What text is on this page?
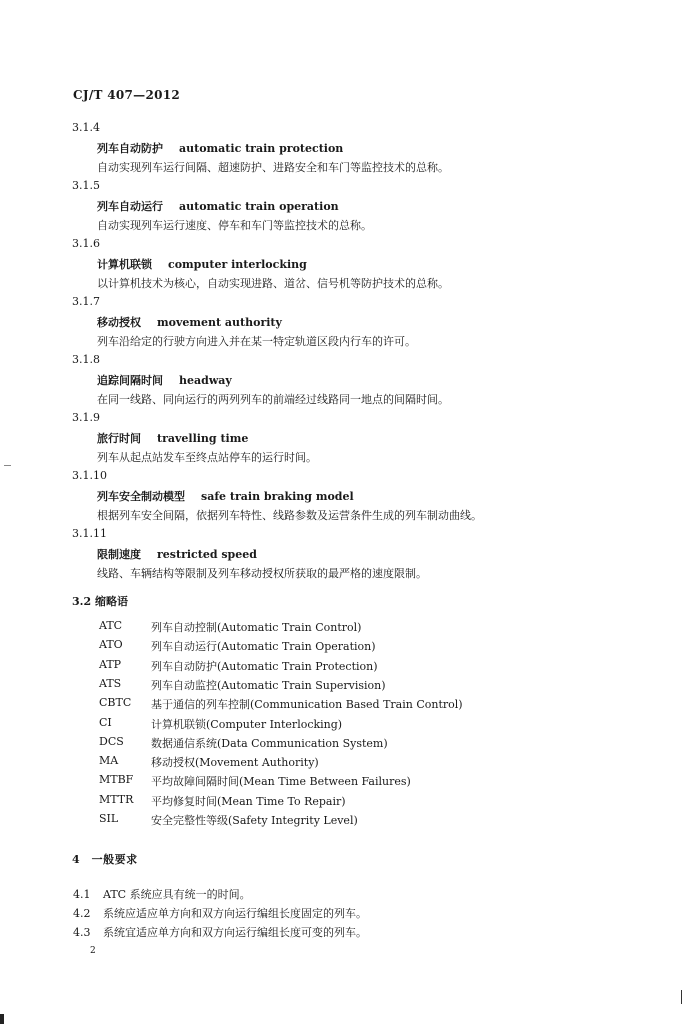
CJ/T 407—2012
3.1.4
列车自动防护 automatic train protection
自动实现列车运行间隔、超速防护、进路安全和车门等监控技术的总称。
3.1.5
列车自动运行 automatic train operation
自动实现列车运行速度、停车和车门等监控技术的总称。
3.1.6
计算机联锁 computer interlocking
以计算机技术为核心，自动实现进路、道岔、信号机等防护技术的总称。
3.1.7
移动授权 movement authority
列车沿给定的行驶方向进入并在某一特定轨道区段内行车的许可。
3.1.8
追踪间隔时间 headway
在同一线路、同向运行的两列列车的前端经过线路同一地点的间隔时间。
3.1.9
旅行时间 travelling time
列车从起点站发车至终点站停车的运行时间。
3.1.10
列车安全制动模型 safe train braking model
根据列车安全间隔，依据列车特性、线路参数及运营条件生成的列车制动曲线。
3.1.11
限制速度 restricted speed
线路、车辆结构等限制及列车移动授权所获取的最严格的速度限制。
3.2 缩略语
ATC	列车自动控制(Automatic Train Control)
ATO	列车自动运行(Automatic Train Operation)
ATP	列车自动防护(Automatic Train Protection)
ATS	列车自动监控(Automatic Train Supervision)
CBTC 基于通信的列车控制(Communication Based Train Control)
CI	计算机联锁(Computer Interlocking)
DCS 数据通信系统(Data Communication System)
MA	移动授权(Movement Authority)
MTBF 平均故障间隔时间(Mean Time Between Failures)
MTTR 平均修复时间(Mean Time To Repair)
SIL	安全完整性等级(Safety Integrity Level)
4　一般要求
4.1 ATC 系统应具有统一的时间。
4.2 系统应适应单方向和双方向运行编组长度固定的列车。
4.3 系统宜适应单方向和双方向运行编组长度可变的列车。
2
